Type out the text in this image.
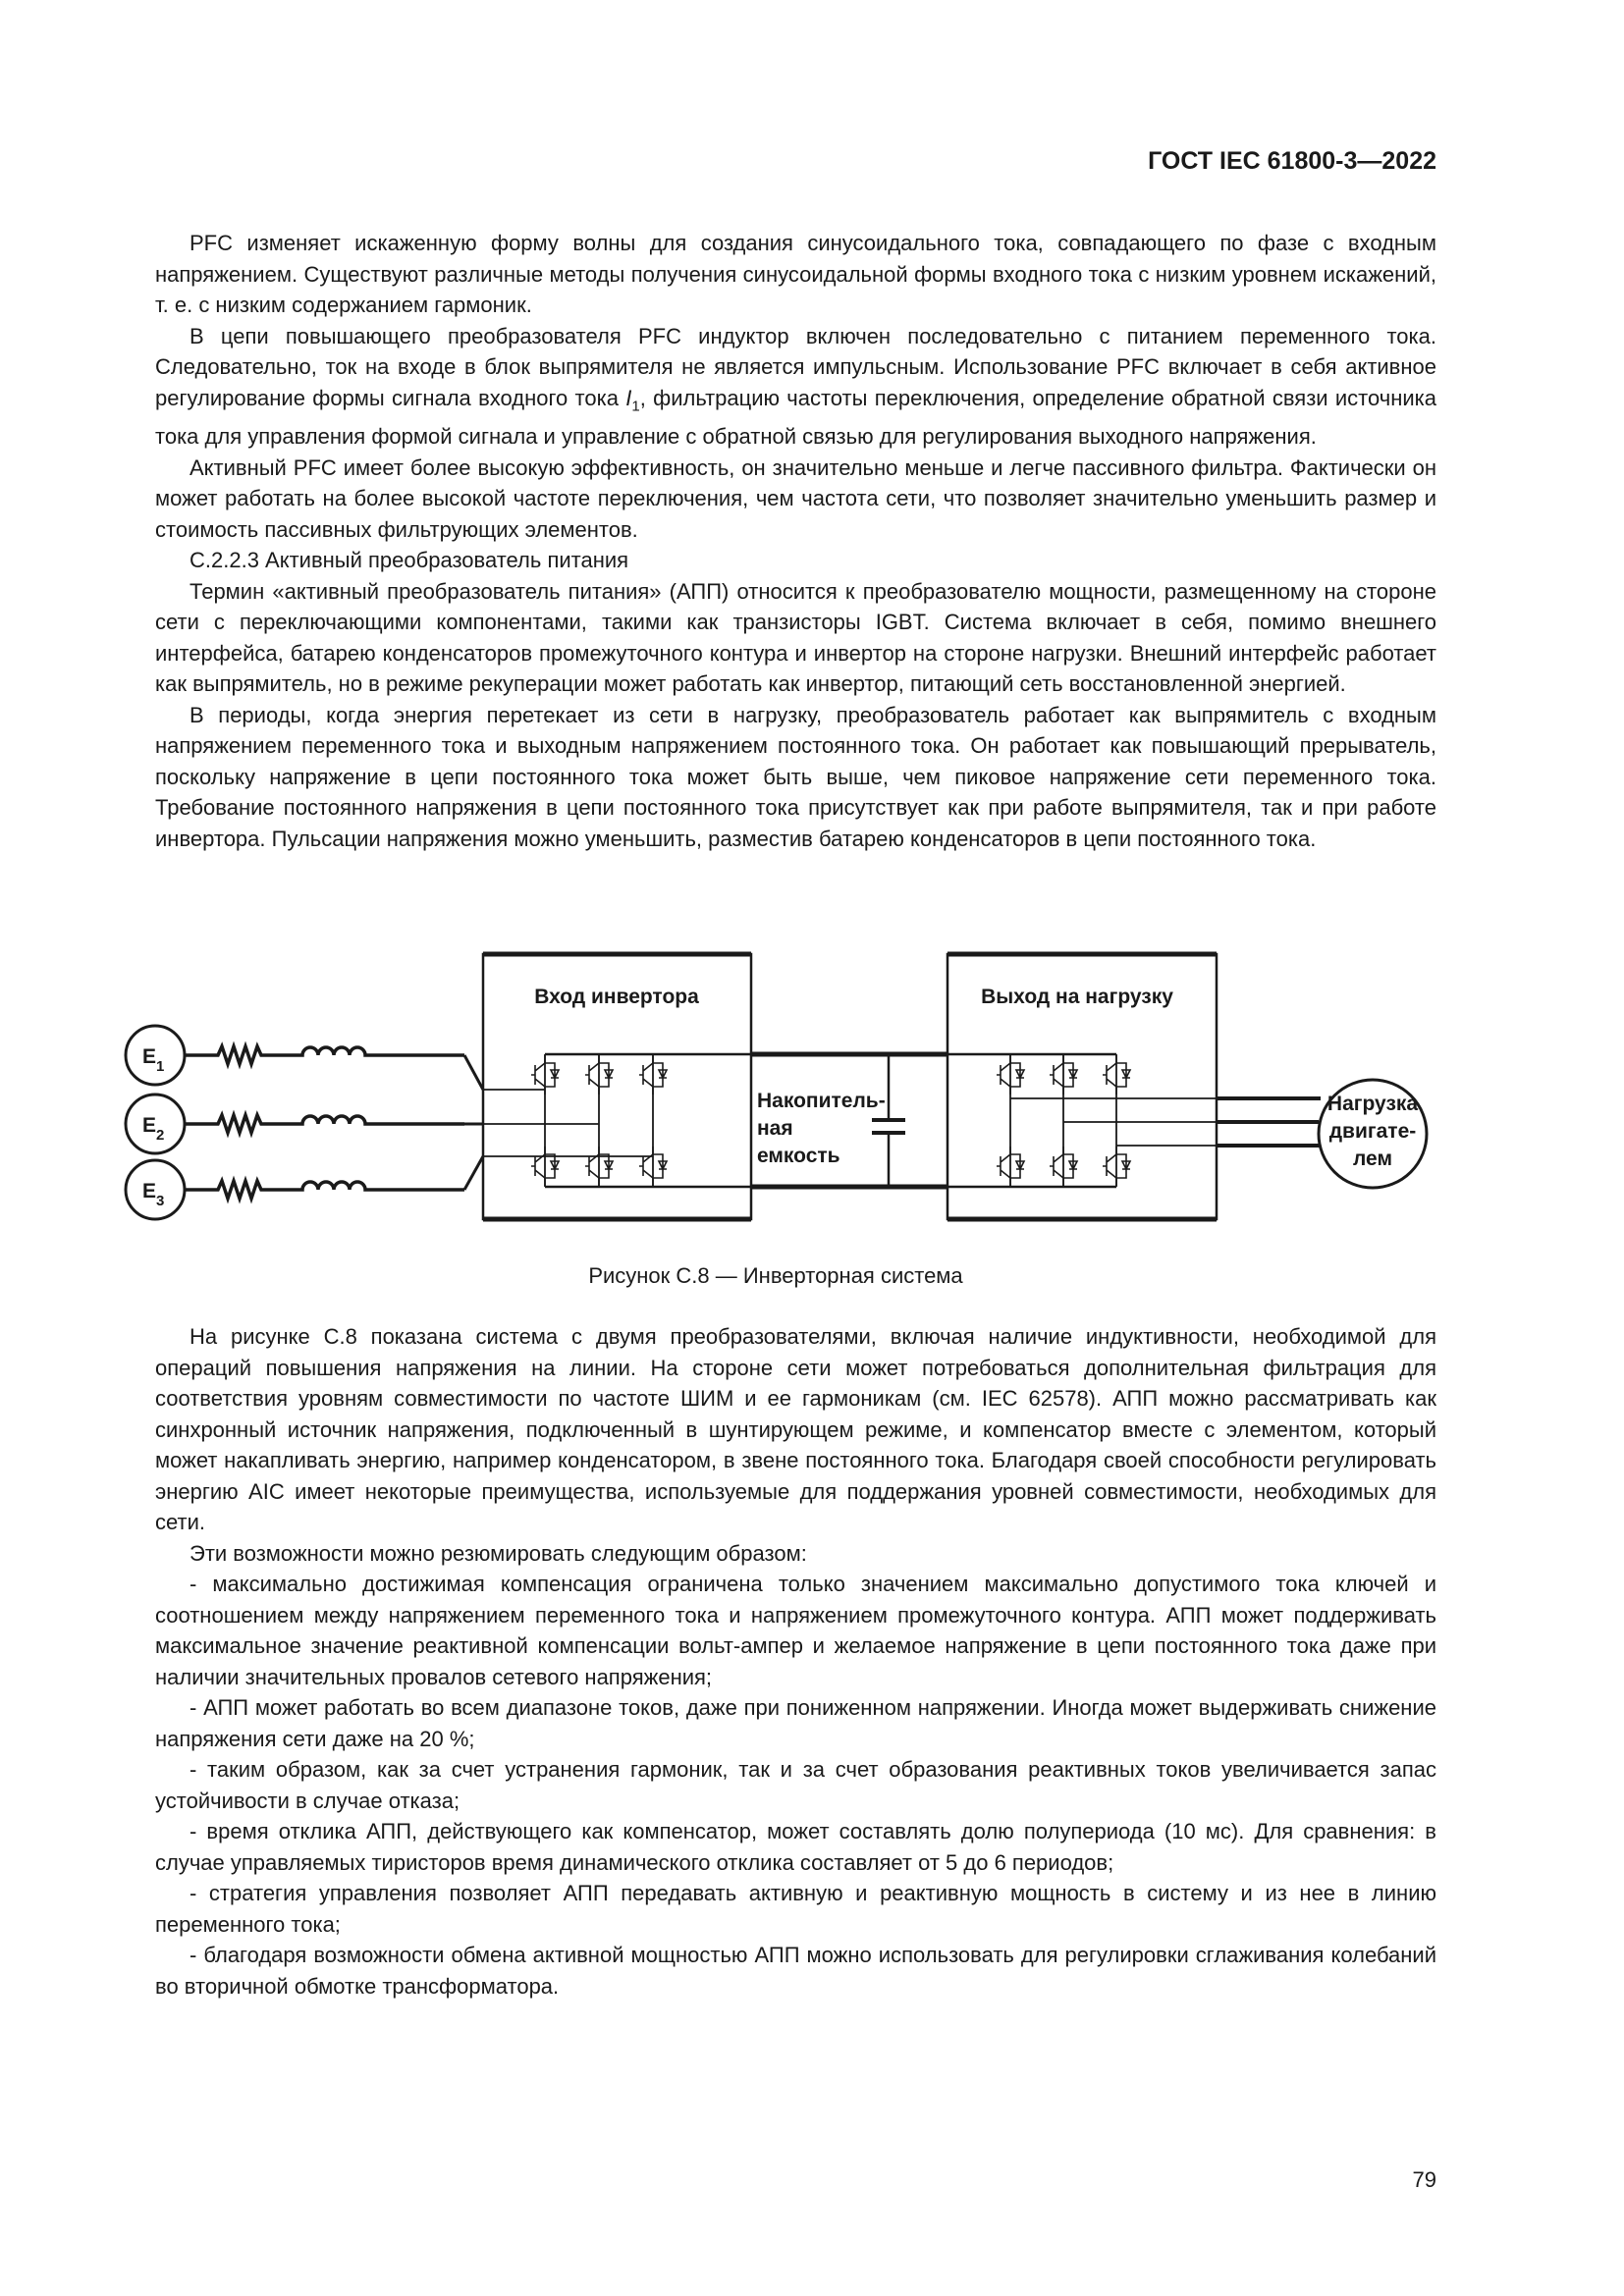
ГОСТ IEC 61800-3—2022

PFC изменяет искаженную форму волны для создания синусоидального тока, совпадающего по фазе с входным напряжением. Существуют различные методы получения синусоидальной формы входного тока с низким уровнем искажений, т. е. с низким содержанием гармоник.

В цепи повышающего преобразователя PFC индуктор включен последовательно с питанием переменного тока. Следовательно, ток на входе в блок выпрямителя не является импульсным. Использование PFC включает в себя активное регулирование формы сигнала входного тока $I_1$, фильтрацию частоты переключения, определение обратной связи источника тока для управления формой сигнала и управление с обратной связью для регулирования выходного напряжения.

Активный PFC имеет более высокую эффективность, он значительно меньше и легче пассивного фильтра. Фактически он может работать на более высокой частоте переключения, чем частота сети, что позволяет значительно уменьшить размер и стоимость пассивных фильтрующих элементов.

С.2.2.3 Активный преобразователь питания

Термин «активный преобразователь питания» (АПП) относится к преобразователю мощности, размещенному на стороне сети с переключающими компонентами, такими как транзисторы IGBT. Система включает в себя, помимо внешнего интерфейса, батарею конденсаторов промежуточного контура и инвертор на стороне нагрузки. Внешний интерфейс работает как выпрямитель, но в режиме рекуперации может работать как инвертор, питающий сеть восстановленной энергией.

В периоды, когда энергия перетекает из сети в нагрузку, преобразователь работает как выпрямитель с входным напряжением переменного тока и выходным напряжением постоянного тока. Он работает как повышающий прерыватель, поскольку напряжение в цепи постоянного тока может быть выше, чем пиковое напряжение сети переменного тока. Требование постоянного напряжения в цепи постоянного тока присутствует как при работе выпрямителя, так и при работе инвертора. Пульсации напряжения можно уменьшить, разместив батарею конденсаторов в цепи постоянного тока.

$E_1$
$E_2$
$E_3$
Вход инвертора	Выход на нагрузку
Накопитель-
ная
емкость
Нагрузка
двигате-
лем
Рисунок С.8 — Инверторная система

На рисунке С.8 показана система с двумя преобразователями, включая наличие индуктивности, необходимой для операций повышения напряжения на линии. На стороне сети может потребоваться дополнительная фильтрация для соответствия уровням совместимости по частоте ШИМ и ее гармоникам (см. IEC 62578). АПП можно рассматривать как синхронный источник напряжения, подключенный в шунтирующем режиме, и компенсатор вместе с элементом, который может накапливать энергию, например конденсатором, в звене постоянного тока. Благодаря своей способности регулировать энергию AIC имеет некоторые преимущества, используемые для поддержания уровней совместимости, необходимых для сети.

Эти возможности можно резюмировать следующим образом:

- максимально достижимая компенсация ограничена только значением максимально допустимого тока ключей и соотношением между напряжением переменного тока и напряжением промежуточного контура. АПП может поддерживать максимальное значение реактивной компенсации вольт-ампер и желаемое напряжение в цепи постоянного тока даже при наличии значительных провалов сетевого напряжения;

- АПП может работать во всем диапазоне токов, даже при пониженном напряжении. Иногда может выдерживать снижение напряжения сети даже на 20 %;

- таким образом, как за счет устранения гармоник, так и за счет образования реактивных токов увеличивается запас устойчивости в случае отказа;

- время отклика АПП, действующего как компенсатор, может составлять долю полупериода (10 мс). Для сравнения: в случае управляемых тиристоров время динамического отклика составляет от 5 до 6 периодов;

- стратегия управления позволяет АПП передавать активную и реактивную мощность в систему и из нее в линию переменного тока;

- благодаря возможности обмена активной мощностью АПП можно использовать для регулировки сглаживания колебаний во вторичной обмотке трансформатора.

79
